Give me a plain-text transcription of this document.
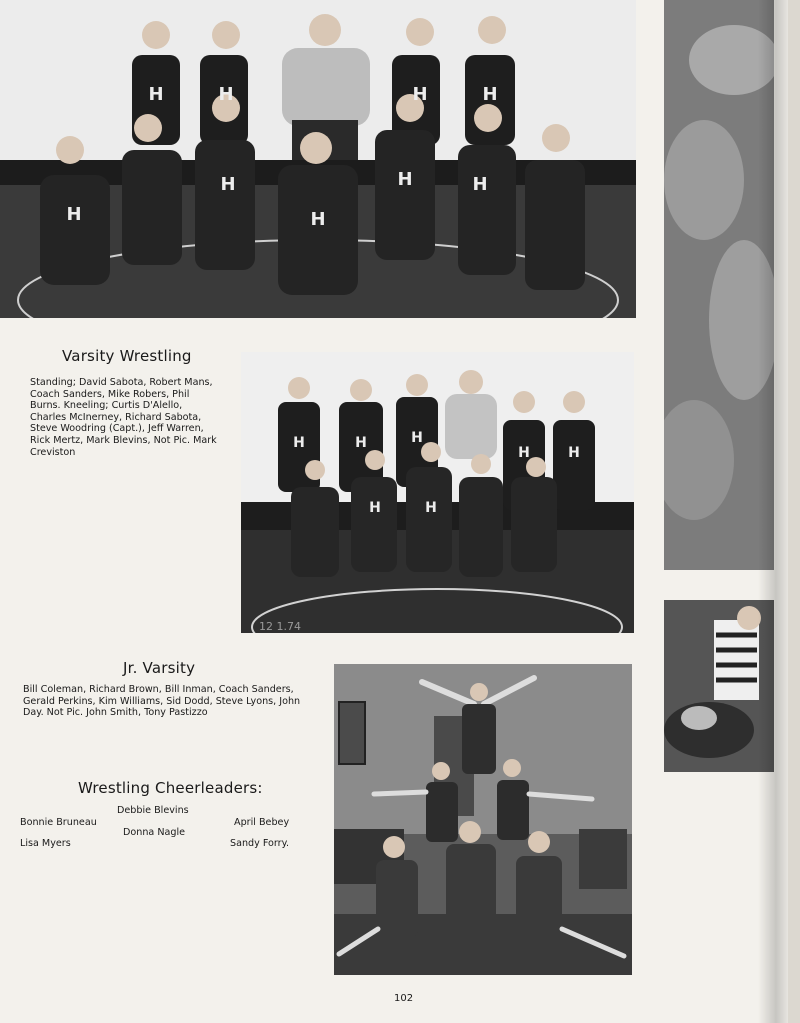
H	H	H	H
H
H
H
H	H
Varsity Wrestling
Standing; David Sabota, Robert Mans, Coach Sanders, Mike Robers, Phil Burns. Kneeling; Curtis D'Alello, Charles McInerney, Richard Sabota, Steve Woodring (Capt.), Jeff Warren, Rick Mertz, Mark Blevins, Not Pic. Mark Creviston
H	H	H
H	H
H	H
12 1.74
Jr. Varsity
Bill Coleman, Richard Brown, Bill Inman, Coach Sanders, Gerald Perkins, Kim Williams, Sid Dodd, Steve Lyons, John Day. Not Pic. John Smith, Tony Pastizzo
Wrestling Cheerleaders:
Debbie Blevins
Bonnie Bruneau	April Bebey
Donna Nagle
Lisa Myers	Sandy Forry.
102
